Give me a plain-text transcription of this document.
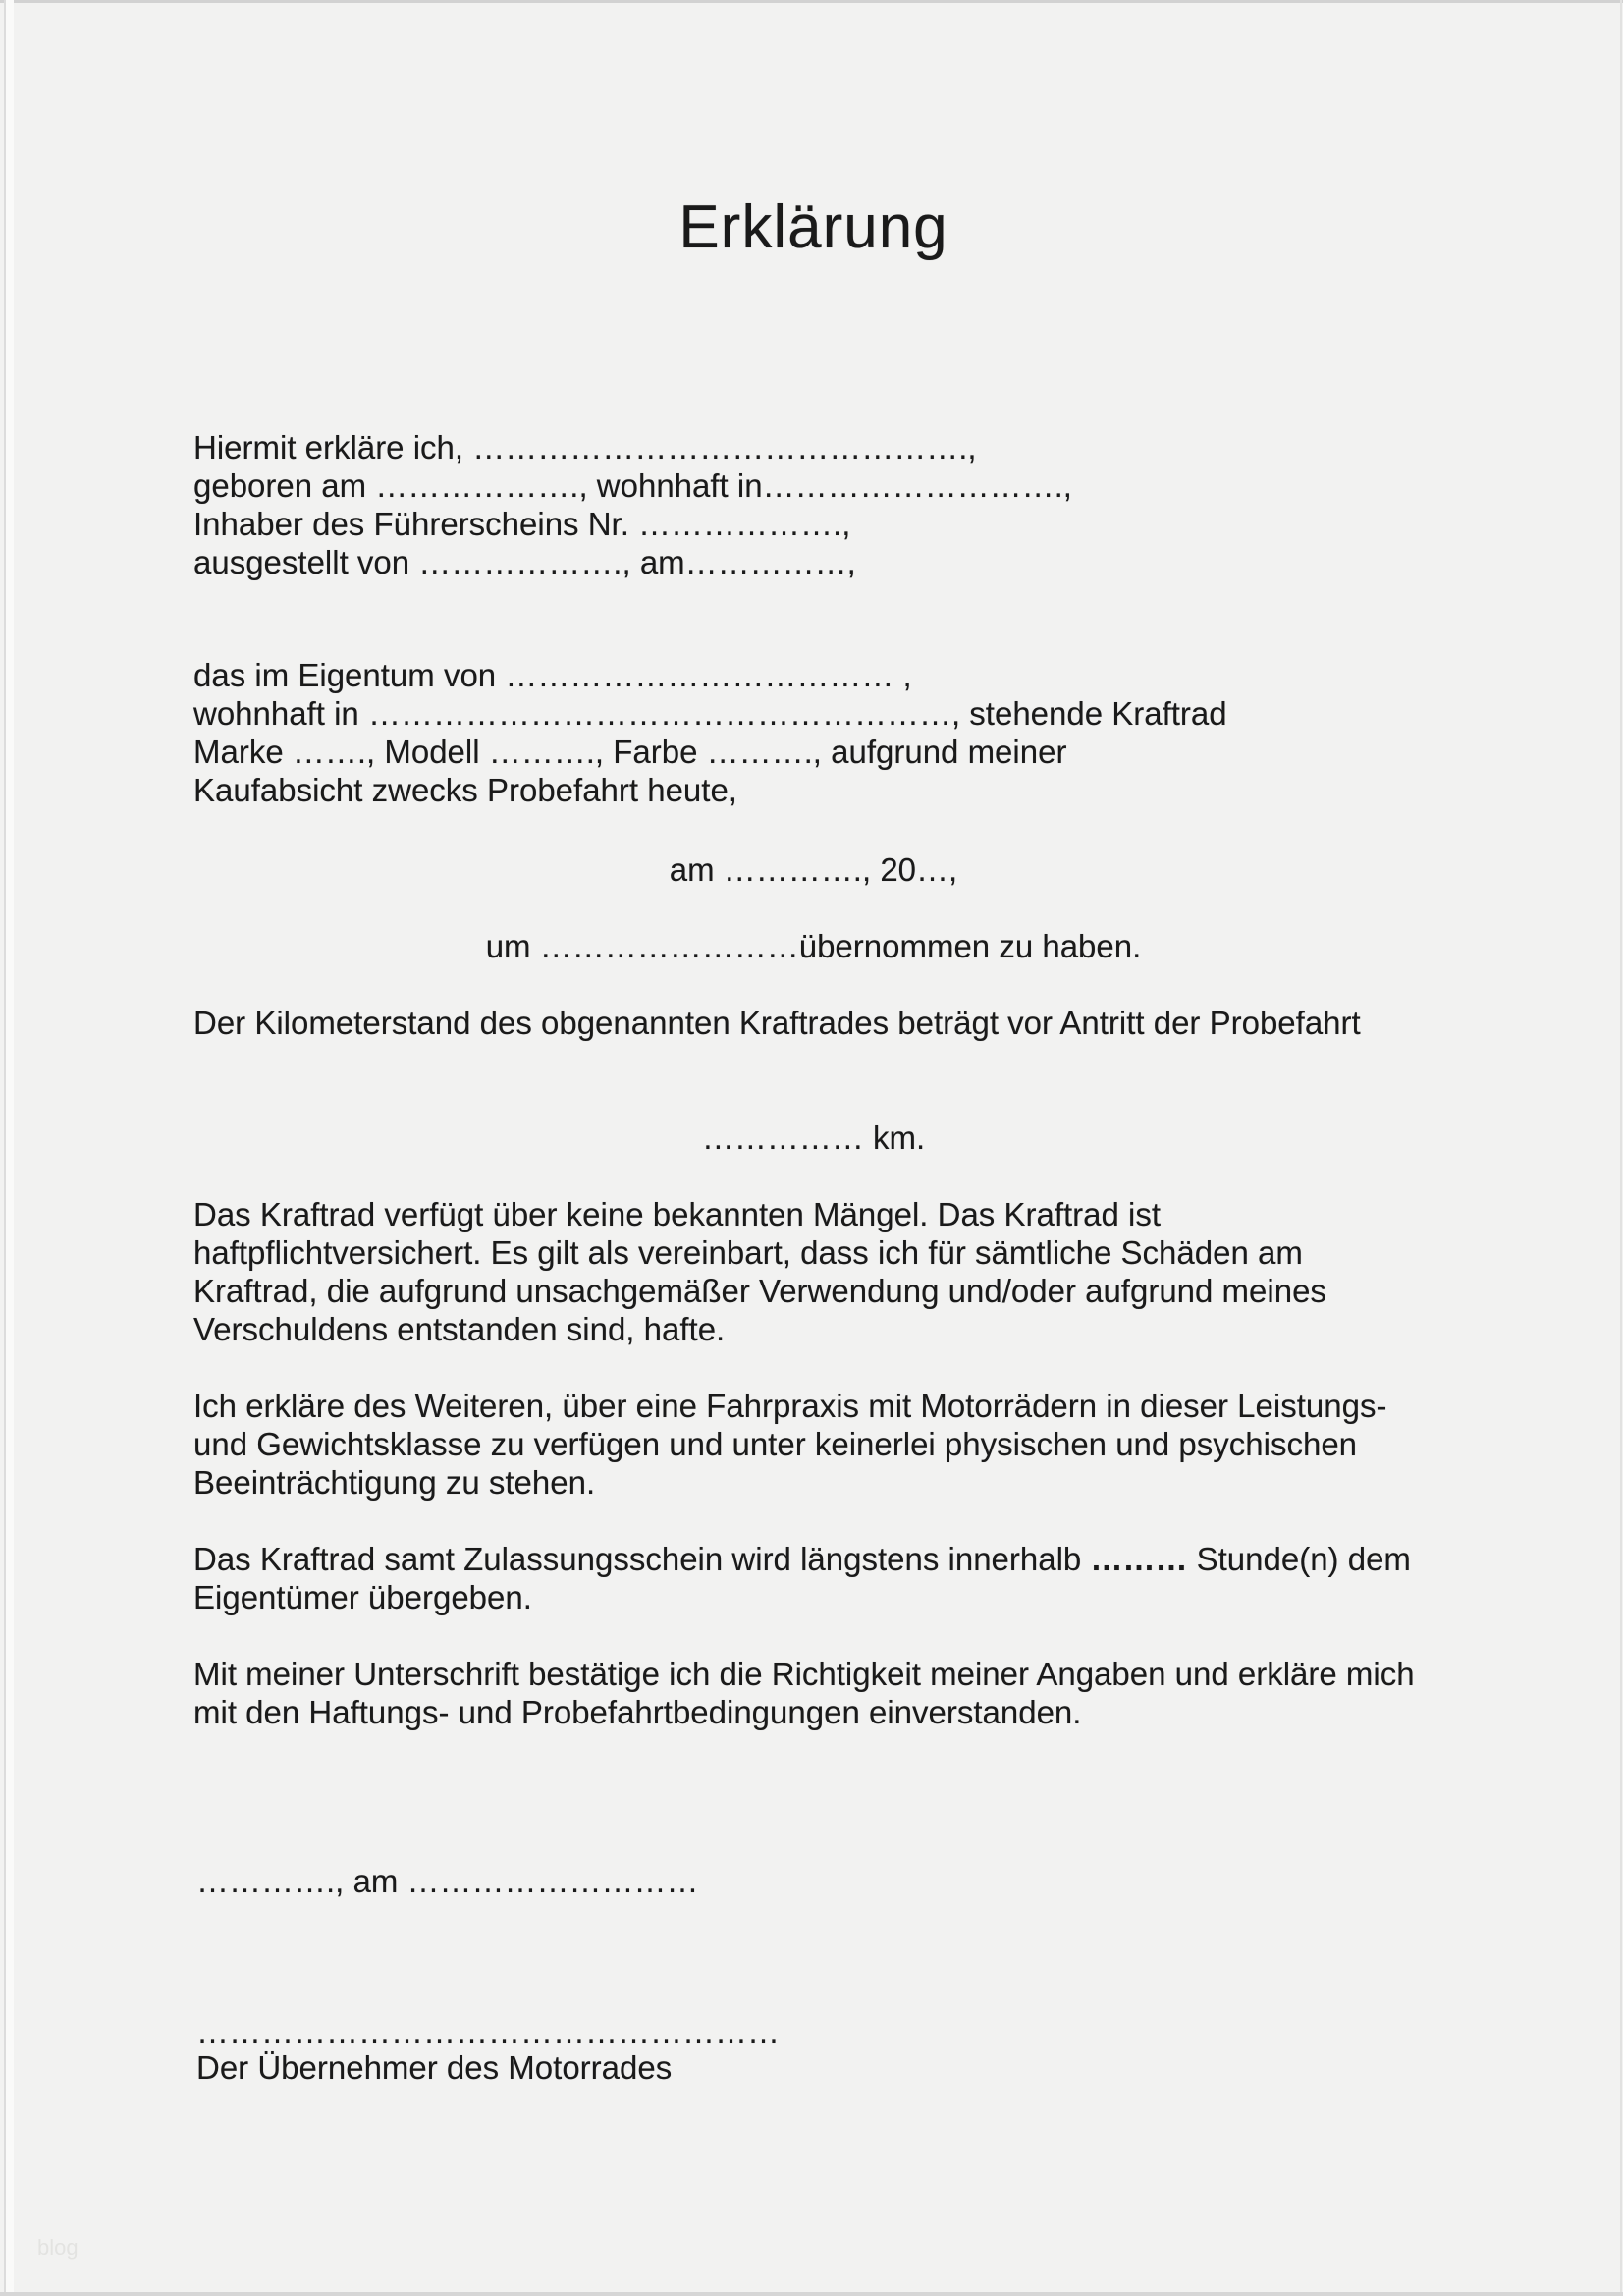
Erklärung
Hiermit erkläre ich, ……………………………………….,
geboren am ………………., wohnhaft in……………………….,
Inhaber des Führerscheins Nr. ……………….,
ausgestellt von ………………., am……………,
das im Eigentum von ……………………………… ,
wohnhaft in ………………………………………………, stehende Kraftrad
Marke ……., Modell ………., Farbe ………., aufgrund meiner
Kaufabsicht zwecks Probefahrt heute,
am …………., 20…,
um ……………………übernommen zu haben.
Der Kilometerstand des obgenannten Kraftrades beträgt vor Antritt der Probefahrt
…………… km.
Das Kraftrad verfügt über keine bekannten Mängel. Das Kraftrad ist
haftpflichtversichert. Es gilt als vereinbart, dass ich für sämtliche Schäden am
Kraftrad, die aufgrund unsachgemäßer Verwendung und/oder aufgrund meines
Verschuldens entstanden sind, hafte.
Ich erkläre des Weiteren, über eine Fahrpraxis mit Motorrädern in dieser Leistungs-
und Gewichtsklasse zu verfügen und unter keinerlei physischen und psychischen
Beeinträchtigung zu stehen.
Das Kraftrad samt Zulassungsschein wird längstens innerhalb ……… Stunde(n) dem
Eigentümer übergeben.
Mit meiner Unterschrift bestätige ich die Richtigkeit meiner Angaben und erkläre mich
mit den Haftungs- und Probefahrtbedingungen einverstanden.
…………., am ………………………
………………………………………………
Der Übernehmer des Motorrades
blog
